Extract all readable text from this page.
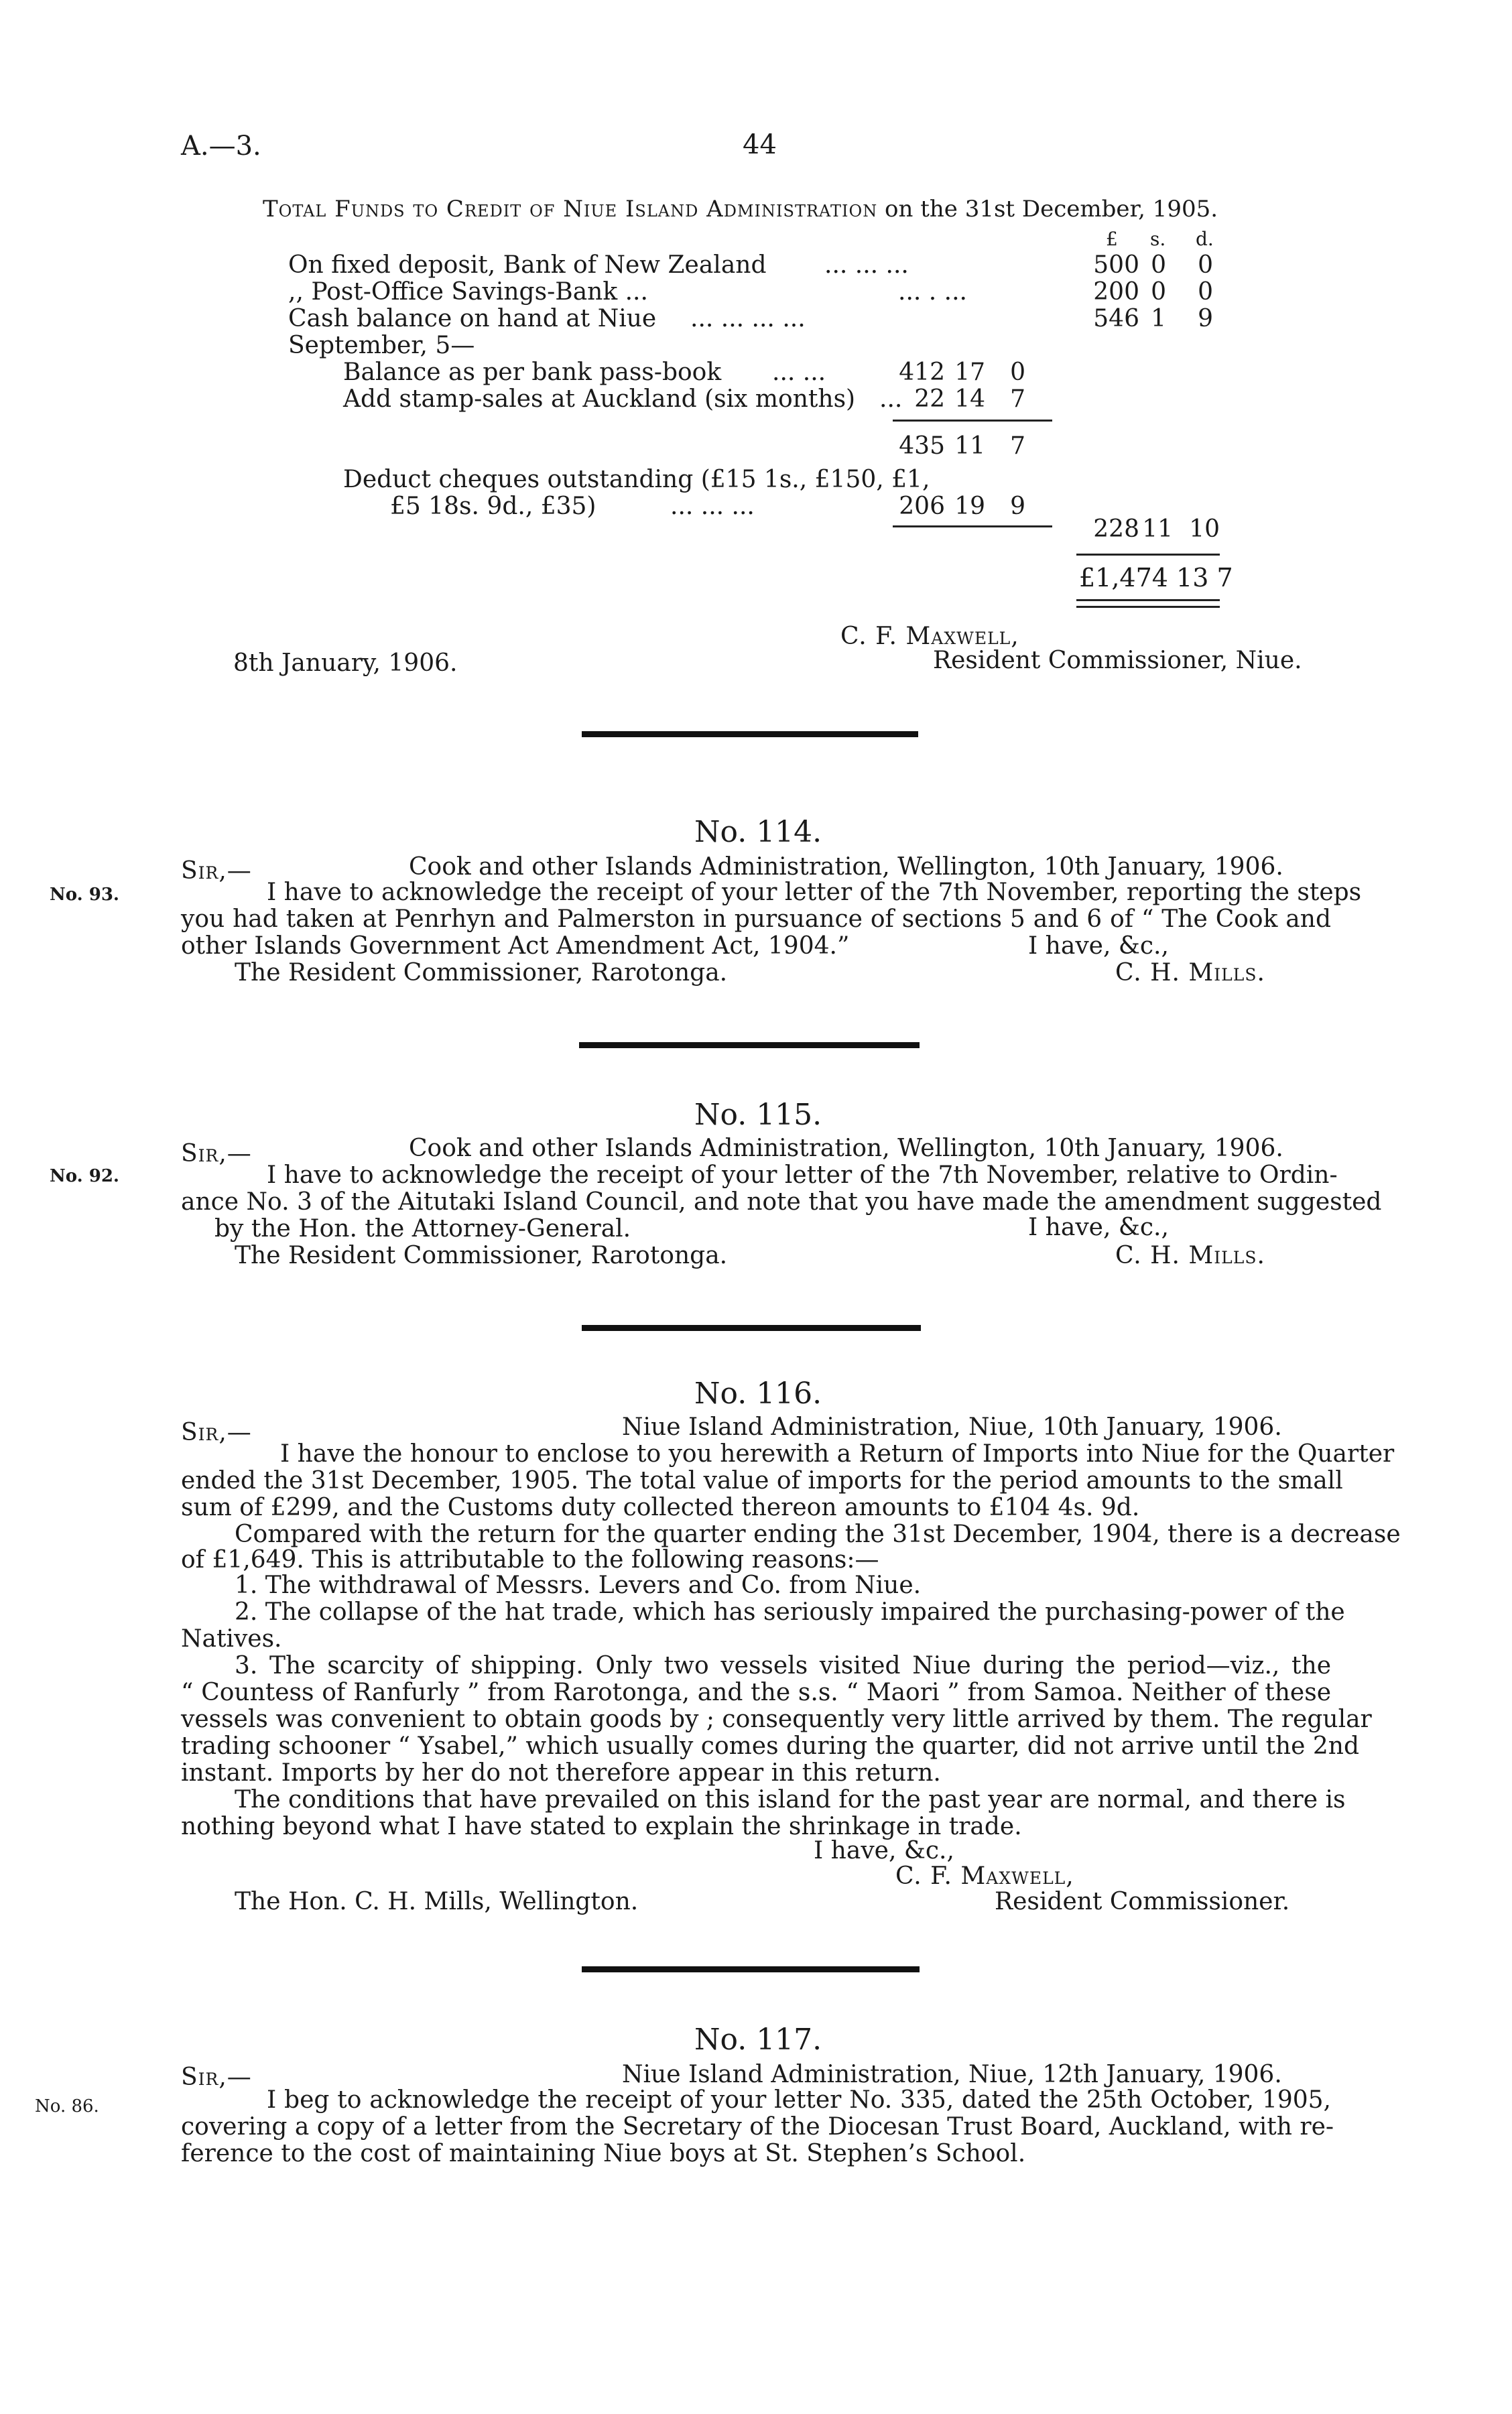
A.—3.	44
Total Funds to Credit of Niue Island Administration on the 31st December, 1905.
£ s. d.
On fixed deposit, Bank of New Zealand ... ... ...	500 0	0
,, Post-Office Savings-Bank ...	... . ...	200 0	0
Cash balance on hand at Niue ... ... ... ...	546 1	9
September, 5—
Balance as per bank pass-book ... ...	412 17	0
Add stamp-sales at Auckland (six months) ... 22 14	7
435 11	7
Deduct cheques outstanding (£15 1s., £150, £1,
£5 18s. 9d., £35)	... ... ...	206 19	9
228 11 10
£1,474 13 7
C. F. Maxwell,
8th January, 1906.	Resident Commissioner, Niue.
No. 114.
No. 93.
Sir,—	Cook and other Islands Administration, Wellington, 10th January, 1906.
I have to acknowledge the receipt of your letter of the 7th November, reporting the steps
you had taken at Penrhyn and Palmerston in pursuance of sections 5 and 6 of “ The Cook and
other Islands Government Act Amendment Act, 1904.”	I have, &c.,
The Resident Commissioner, Rarotonga.	C. H. Mills.
No. 115.
No. 92.
Sir,—	Cook and other Islands Administration, Wellington, 10th January, 1906.
I have to acknowledge the receipt of your letter of the 7th November, relative to Ordin-
ance No. 3 of the Aitutaki Island Council, and note that you have made the amendment suggested
by the Hon. the Attorney-General.	I have, &c.,
The Resident Commissioner, Rarotonga.	C. H. Mills.
No. 116.
Sir,—	Niue Island Administration, Niue, 10th January, 1906.
I have the honour to enclose to you herewith a Return of Imports into Niue for the Quarter
ended the 31st December, 1905. The total value of imports for the period amounts to the small
sum of £299, and the Customs duty collected thereon amounts to £104 4s. 9d.
Compared with the return for the quarter ending the 31st December, 1904, there is a decrease
of £1,649. This is attributable to the following reasons:—
1. The withdrawal of Messrs. Levers and Co. from Niue.
2. The collapse of the hat trade, which has seriously impaired the purchasing-power of the
Natives.
3. The scarcity of shipping. Only two vessels visited Niue during the period—viz., the
“ Countess of Ranfurly ” from Rarotonga, and the s.s. “ Maori ” from Samoa. Neither of these
vessels was convenient to obtain goods by ; consequently very little arrived by them. The regular
trading schooner “ Ysabel,” which usually comes during the quarter, did not arrive until the 2nd
instant. Imports by her do not therefore appear in this return.
The conditions that have prevailed on this island for the past year are normal, and there is
nothing beyond what I have stated to explain the shrinkage in trade.
I have, &c.,
C. F. Maxwell,
The Hon. C. H. Mills, Wellington.	Resident Commissioner.
No. 117.
No. 86.
Sir,—	Niue Island Administration, Niue, 12th January, 1906.
I beg to acknowledge the receipt of your letter No. 335, dated the 25th October, 1905,
covering a copy of a letter from the Secretary of the Diocesan Trust Board, Auckland, with re-
ference to the cost of maintaining Niue boys at St. Stephen’s School.
